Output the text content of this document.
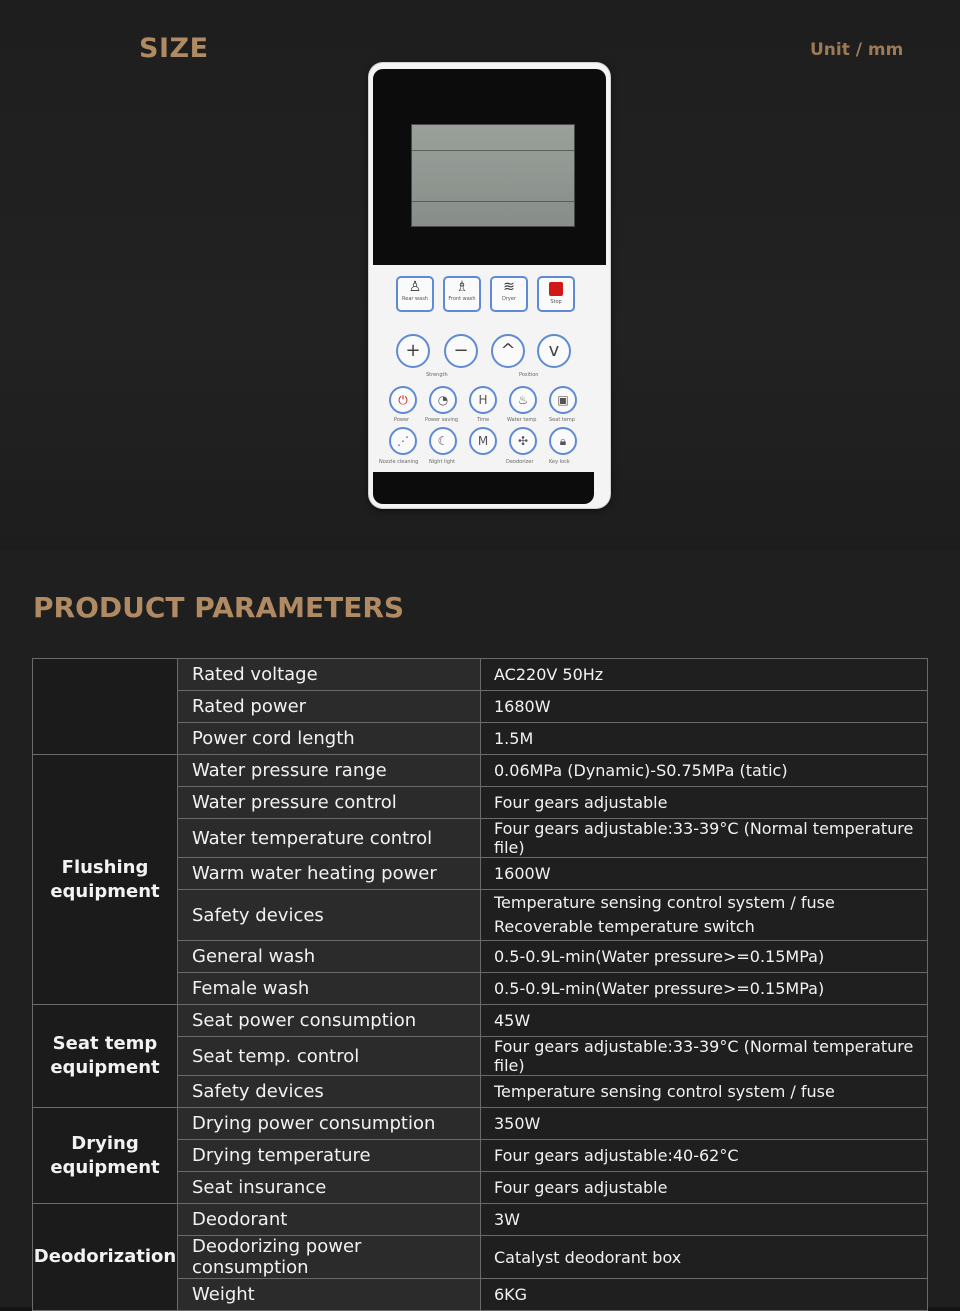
SIZE	Unit / mm
♙
Rear wash
♗
Front wash
≋
Dryer	Stop
+	−	^	v
Strength	Position
⏻	◔	H	♨	▣
Power	Power saving	Time	Water temp	Seat temp
⋰	☾	M	✣	🔒︎
Nozzle cleaning Night light	Deodorizer	Key lock
PRODUCT PARAMETERS
	Rated voltage	AC220V 50Hz
	Rated power	1680W
	Power cord length	1.5M

Flushing
equipment	Water pressure range	0.06MPa (Dynamic)-S0.75MPa (tatic)
	Water pressure control	Four gears adjustable
	Water temperature control	Four gears adjustable:33-39°C (Normal temperature file)
	Warm water heating power	1600W
	Safety devices	Temperature sensing control system / fuse
Recoverable temperature switch

	General wash	0.5-0.9L-min(Water pressure>=0.15MPa)
	Female wash	0.5-0.9L-min(Water pressure>=0.15MPa)

Seat temp
equipment	Seat power consumption	45W
	Seat temp. control	Four gears adjustable:33-39°C (Normal temperature file)
	Safety devices	Temperature sensing control system / fuse

Drying
equipment	Drying power consumption	350W
	Drying temperature	Four gears adjustable:40-62°C
	Seat insurance	Four gears adjustable

Deodorization	Deodorant	3W
	Deodorizing power consumption	Catalyst deodorant box
	Weight	6KG
